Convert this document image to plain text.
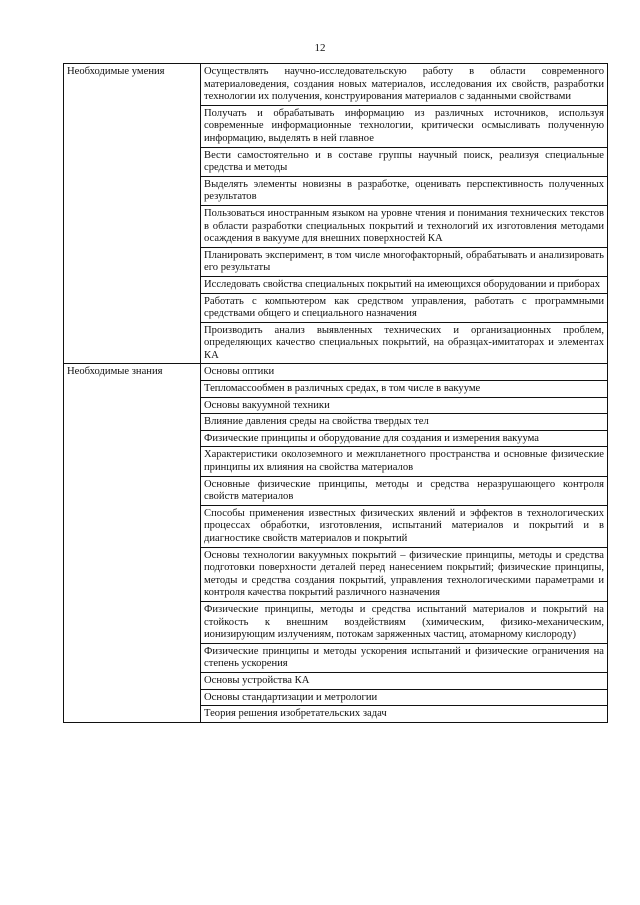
12
Необходимые умения	Осуществлять научно-исследовательскую работу в области современного материаловедения, создания новых материалов, исследования их свойств, разработки технологии их получения, конструирования материалов с заданными свойствами
	Получать и обрабатывать информацию из различных источников, используя современные информационные технологии, критически осмысливать полученную информацию, выделять в ней главное
	Вести самостоятельно и в составе группы научный поиск, реализуя специальные средства и методы
	Выделять элементы новизны в разработке, оценивать перспективность полученных результатов
	Пользоваться иностранным языком на уровне чтения и понимания технических текстов в области разработки специальных покрытий и технологий их изготовления методами осаждения в вакууме для внешних поверхностей КА
	Планировать эксперимент, в том числе многофакторный, обрабатывать и анализировать его результаты
	Исследовать свойства специальных покрытий на имеющихся оборудовании и приборах
	Работать с компьютером как средством управления, работать с программными средствами общего и специального назначения
	Производить анализ выявленных технических и организационных проблем, определяющих качество специальных покрытий, на образцах-имитаторах и элементах КА
Необходимые знания	Основы оптики
	Тепломассообмен в различных средах, в том числе в вакууме
	Основы вакуумной техники
	Влияние давления среды на свойства твердых тел
	Физические принципы и оборудование для создания и измерения вакуума
	Характеристики околоземного и межпланетного пространства и основные физические принципы их влияния на свойства материалов
	Основные физические принципы, методы и средства неразрушающего контроля свойств материалов
	Способы применения известных физических явлений и эффектов в технологических процессах обработки, изготовления, испытаний материалов и покрытий и в диагностике свойств материалов и покрытий
	Основы технологии вакуумных покрытий – физические принципы, методы и средства подготовки поверхности деталей перед нанесением покрытий; физические принципы, методы и средства создания покрытий, управления технологическими параметрами и контроля качества покрытий различного назначения
	Физические принципы, методы и средства испытаний материалов и покрытий на стойкость к внешним воздействиям (химическим, физико-механическим, ионизирующим излучениям, потокам заряженных частиц, атомарному кислороду)
	Физические принципы и методы ускорения испытаний и физические ограничения на степень ускорения
	Основы устройства КА
	Основы стандартизации и метрологии
	Теория решения изобретательских задач
